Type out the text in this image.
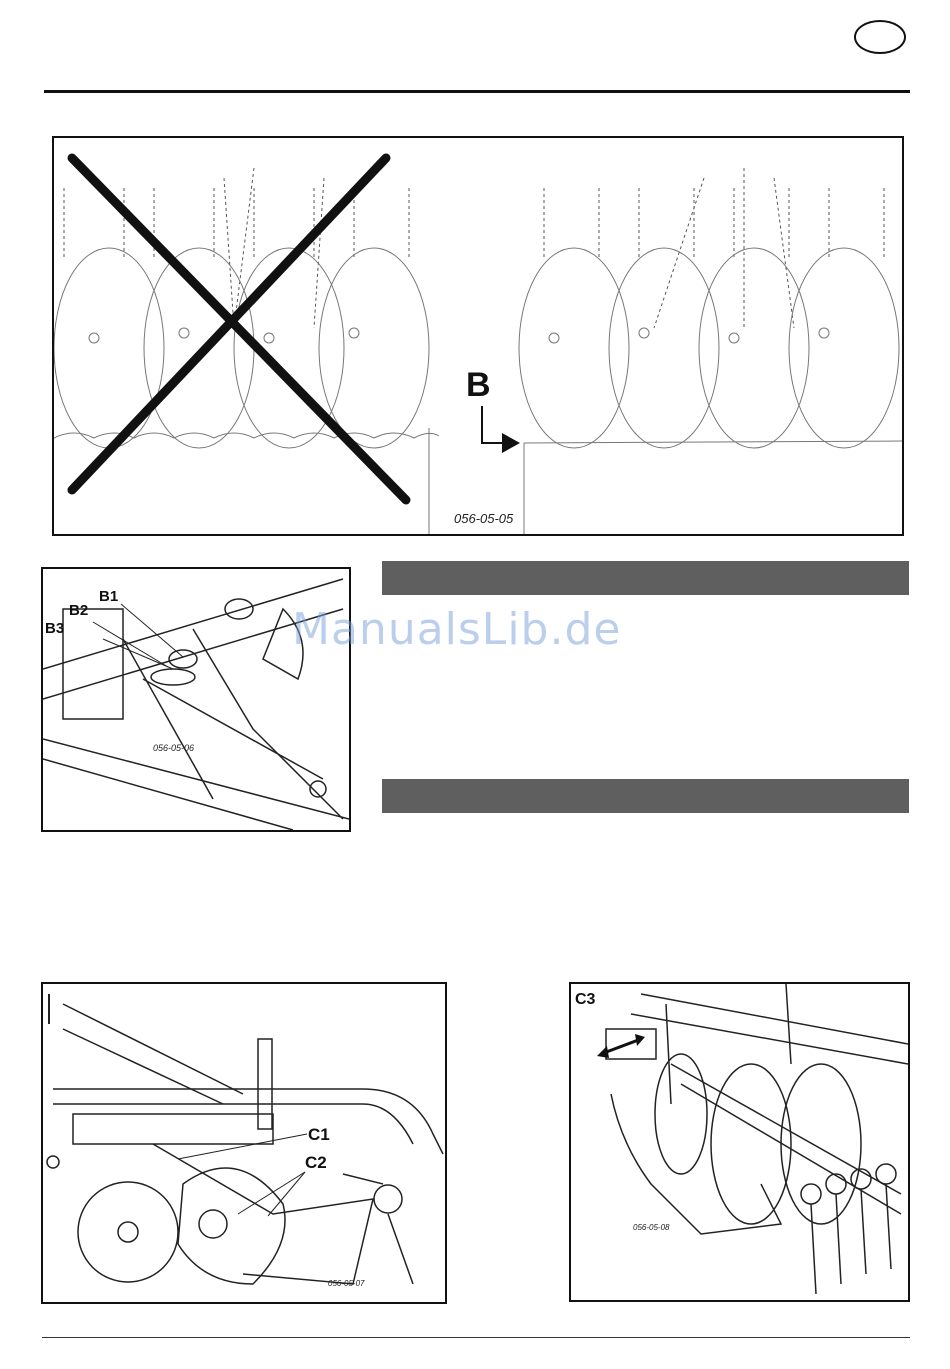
B
056-05-05
B1
B2
B3
056-05-06
ManualsLib.de
C1
C2
056-05-07
C3
056-05-08
